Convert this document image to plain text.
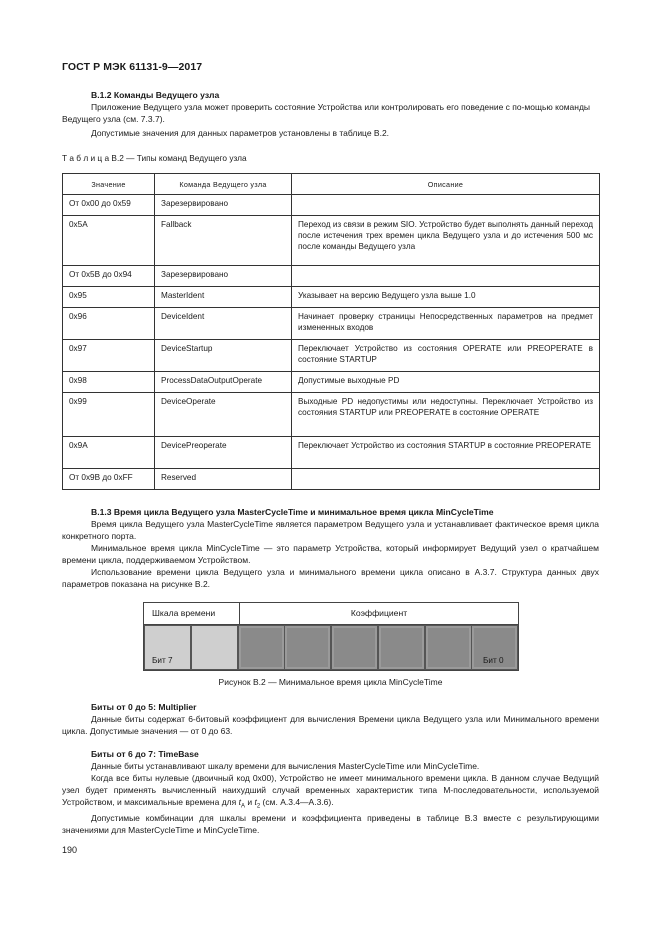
ГОСТ Р МЭК 61131-9—2017
B.1.2 Команды Ведущего узла
Приложение Ведущего узла может проверить состояние Устройства или контролировать его поведение с по-мощью команды Ведущего узла (см. 7.3.7).
Допустимые значения для данных параметров установлены в таблице B.2.
Т а б л и ц а B.2 — Типы команд Ведущего узла
Значение	Команда Ведущего узла	Описание
От 0x00 до 0x59	Зарезервировано	
0x5A	Fallback	Переход из связи в режим SIO. Устройство будет выполнять данный переход после истечения трех времен цикла Ведущего узла и до истечения 500 мс после команды Ведущего узла
От 0x5B до 0x94	Зарезервировано	
0x95	MasterIdent	Указывает на версию Ведущего узла выше 1.0
0x96	DeviceIdent	Начинает проверку страницы Непосредственных параметров на предмет измененных входов
0x97	DeviceStartup	Переключает Устройство из состояния OPERATE или PREOPERATE в состояние STARTUP
0x98	ProcessDataOutputOperate	Допустимые выходные PD
0x99	DeviceOperate	Выходные PD недопустимы или недоступны. Переключает Устройство из состояния STARTUP или PREOPERATE в состояние OPERATE
0x9A	DevicePreoperate	Переключает Устройство из состояния STARTUP в состояние PREOPERATE
От 0x9B до 0xFF	Reserved	
B.1.3 Время цикла Ведущего узла MasterCycleTime и минимальное время цикла MinCycleTime
Время цикла Ведущего узла MasterCycleTime является параметром Ведущего узла и устанавливает фактическое время цикла конкретного порта.
Минимальное время цикла MinCycleTime — это параметр Устройства, который информирует Ведущий узел о кратчайшем времени цикла, поддерживаемом Устройством.
Использование времени цикла Ведущего узла и минимального времени цикла описано в A.3.7. Структура данных двух параметров показана на рисунке B.2.
Шкала времени	Коэффициент
Бит 7	Бит 0
Рисунок B.2 — Минимальное время цикла MinCycleTime
Биты от 0 до 5: Multiplier
Данные биты содержат 6-битовый коэффициент для вычисления Времени цикла Ведущего узла или Минимального времени цикла. Допустимые значения — от 0 до 63.
Биты от 6 до 7: TimeBase
Данные биты устанавливают шкалу времени для вычисления MasterCycleTime или MinCycleTime.
Когда все биты нулевые (двоичный код 0x00), Устройство не имеет минимального времени цикла. В данном случае Ведущий узел будет применять вычисленный наихудший случай временных характеристик типа М-последовательности, используемой Устройством, и максимальные времена для $t_A$ и $t_2$ (см. A.3.4—A.3.6).
Допустимые комбинации для шкалы времени и коэффициента приведены в таблице B.3 вместе с результирующими значениями для MasterCycleTime и MinCycleTime.
190
